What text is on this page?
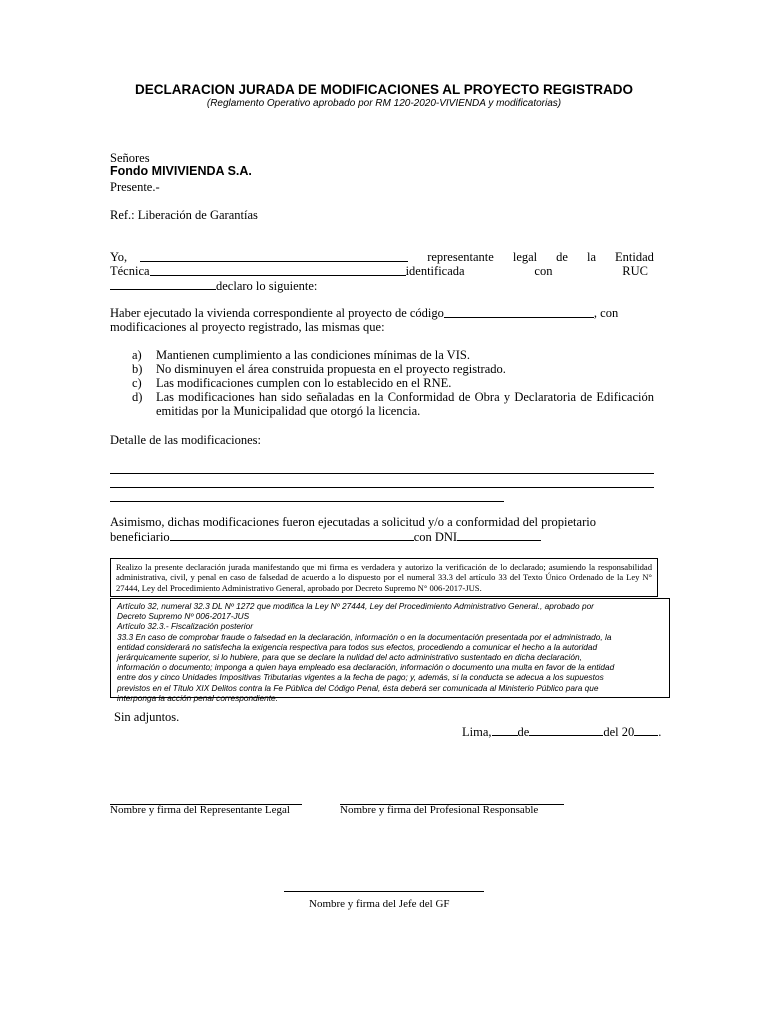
DECLARACION JURADA DE MODIFICACIONES AL PROYECTO REGISTRADO
(Reglamento Operativo aprobado por RM 120-2020-VIVIENDA y modificatorias)
Señores
Fondo MIVIVIENDA S.A.
Presente.-
Ref.: Liberación de Garantías
Yo,	representante legal de la Entidad
Técnica	identificada	con	RUC
declaro lo siguiente:
Haber ejecutado la vivienda correspondiente al proyecto de código	, con
modificaciones al proyecto registrado, las mismas que:
a)	Mantienen cumplimiento a las condiciones mínimas de la VIS.
b)	No disminuyen el área construida propuesta en el proyecto registrado.
c)	Las modificaciones cumplen con lo establecido en el RNE.
d)	Las modificaciones han sido señaladas en la Conformidad de Obra y Declaratoria de Edificación emitidas por la Municipalidad que otorgó la licencia.
Detalle de las modificaciones:
Asimismo, dichas modificaciones fueron ejecutadas a solicitud y/o a conformidad del propietario
beneficiario	con DNI
Realizo la presente declaración jurada manifestando que mi firma es verdadera y autorizo la verificación de lo declarado; asumiendo la responsabilidad administrativa, civil, y penal en caso de falsedad de acuerdo a lo dispuesto por el numeral 33.3 del artículo 33 del Texto Único Ordenado de la Ley N° 27444, Ley del Procedimiento Administrativo General, aprobado por Decreto Supremo N° 006-2017-JUS.
Artículo 32, numeral 32.3 DL Nº 1272 que modifica la Ley Nº 27444, Ley del Procedimiento Administrativo General., aprobado por
Decreto Supremo Nº 006-2017-JUS
Artículo 32.3.- Fiscalización posterior
33.3 En caso de comprobar fraude o falsedad en la declaración, información o en la documentación presentada por el administrado, la
entidad considerará no satisfecha la exigencia respectiva para todos sus efectos, procediendo a comunicar el hecho a la autoridad
jerárquicamente superior, si lo hubiere, para que se declare la nulidad del acto administrativo sustentado en dicha declaración,
información o documento; imponga a quien haya empleado esa declaración, información o documento una multa en favor de la entidad
entre dos y cinco Unidades Impositivas Tributarias vigentes a la fecha de pago; y, además, si la conducta se adecua a los supuestos
previstos en el Título XIX Delitos contra la Fe Pública del Código Penal, ésta deberá ser comunicada al Ministerio Público para que
interponga la acción penal correspondiente.
Sin adjuntos.
Lima, de	del 20 .
Nombre y firma del Representante Legal	Nombre y firma del Profesional Responsable
Nombre y firma del Jefe del GF
